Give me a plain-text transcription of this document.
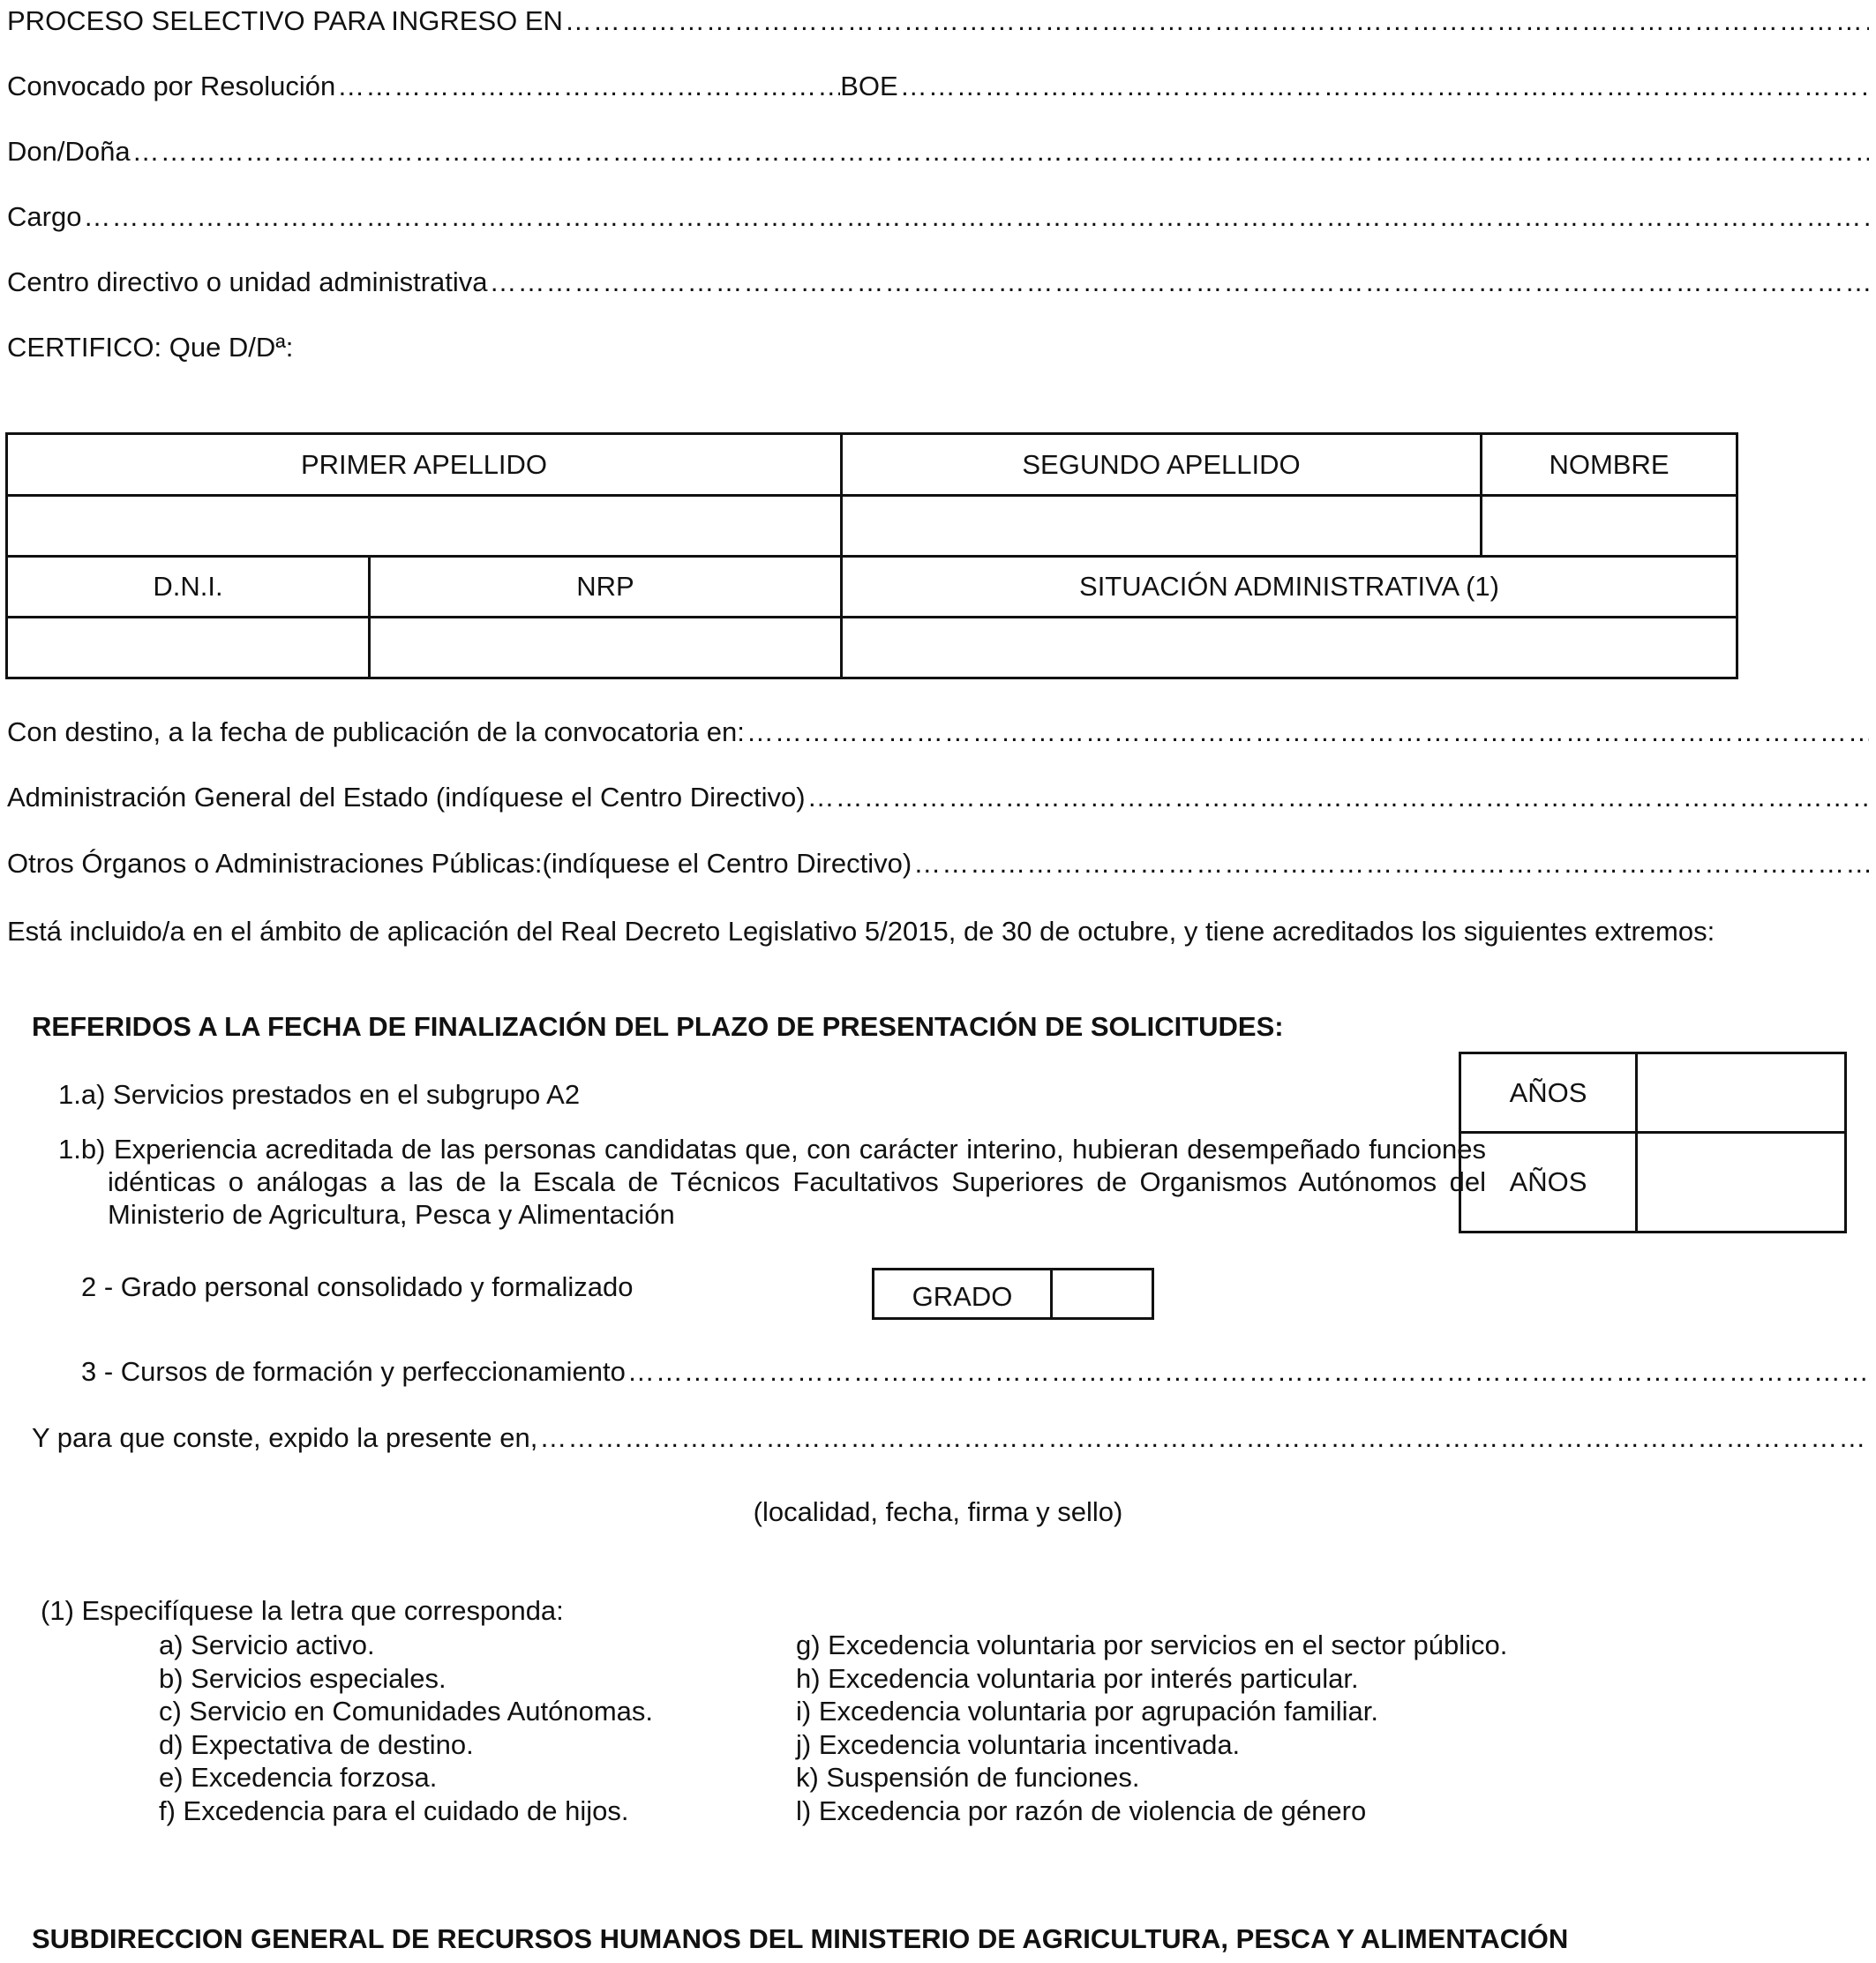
PROCESO SELECTIVO PARA INGRESO EN
………………………………………………………………………………………………………………………………………………………………………………………………………………………………………………………………………………………
Convocado por Resolución ………………………………………………………………………………………………………………………………………………………………………………………………………………………………………………………………………………………	BOE
………………………………………………………………………………………………………………………………………………………………………………………………………………………………………………………………………………………
Don/Doña
………………………………………………………………………………………………………………………………………………………………………………………………………………………………………………………………………………………
Cargo
………………………………………………………………………………………………………………………………………………………………………………………………………………………………………………………………………………………
Centro directivo o unidad administrativa
………………………………………………………………………………………………………………………………………………………………………………………………………………………………………………………………………………………
CERTIFICO: Que D/Dª:
PRIMER APELLIDO		SEGUNDO APELLIDO	NOMBRE

D.N.I.	NRP	SITUACIÓN ADMINISTRATIVA (1)	

Con destino, a la fecha de publicación de la convocatoria en:
………………………………………………………………………………………………………………………………………………………………………………………………………………………………………………………………………………………
Administración General del Estado (indíquese el Centro Directivo)
………………………………………………………………………………………………………………………………………………………………………………………………………………………………………………………………………………………
Otros Órganos o Administraciones Públicas:(indíquese el Centro Directivo)
………………………………………………………………………………………………………………………………………………………………………………………………………………………………………………………………………………………
Está incluido/a en el ámbito de aplicación del Real Decreto Legislativo 5/2015, de 30 de octubre, y tiene acreditados los siguientes extremos:
REFERIDOS A LA FECHA DE FINALIZACIÓN DEL PLAZO DE PRESENTACIÓN DE SOLICITUDES:
1.a) Servicios prestados en el subgrupo A2
1.b) Experiencia acreditada de las personas candidatas que, con carácter interino, hubieran desempeñado funciones idénticas o análogas a las de la Escala de Técnicos Facultativos Superiores de Organismos Autónomos del Ministerio de Agricultura, Pesca y Alimentación
AÑOS
AÑOS
2 - Grado personal consolidado y formalizado	GRADO
3 - Cursos de formación y perfeccionamiento
………………………………………………………………………………………………………………………………………………………………………………………………………………………………………………………………………………………
Y para que conste, expido la presente en,
………………………………………………………………………………………………………………………………………………………………………………………………………………………………………………………………………………………
(localidad, fecha, firma y sello)
(1) Especifíquese la letra que corresponda:
a) Servicio activo.
b) Servicios especiales.
c) Servicio en Comunidades Autónomas.
d) Expectativa de destino.
e) Excedencia forzosa.
f) Excedencia para el cuidado de hijos.
g) Excedencia voluntaria por servicios en el sector público.
h) Excedencia voluntaria por interés particular.
i) Excedencia voluntaria por agrupación familiar.
j) Excedencia voluntaria incentivada.
k) Suspensión de funciones.
l) Excedencia por razón de violencia de género
SUBDIRECCION GENERAL DE RECURSOS HUMANOS DEL MINISTERIO DE AGRICULTURA, PESCA Y ALIMENTACIÓN
